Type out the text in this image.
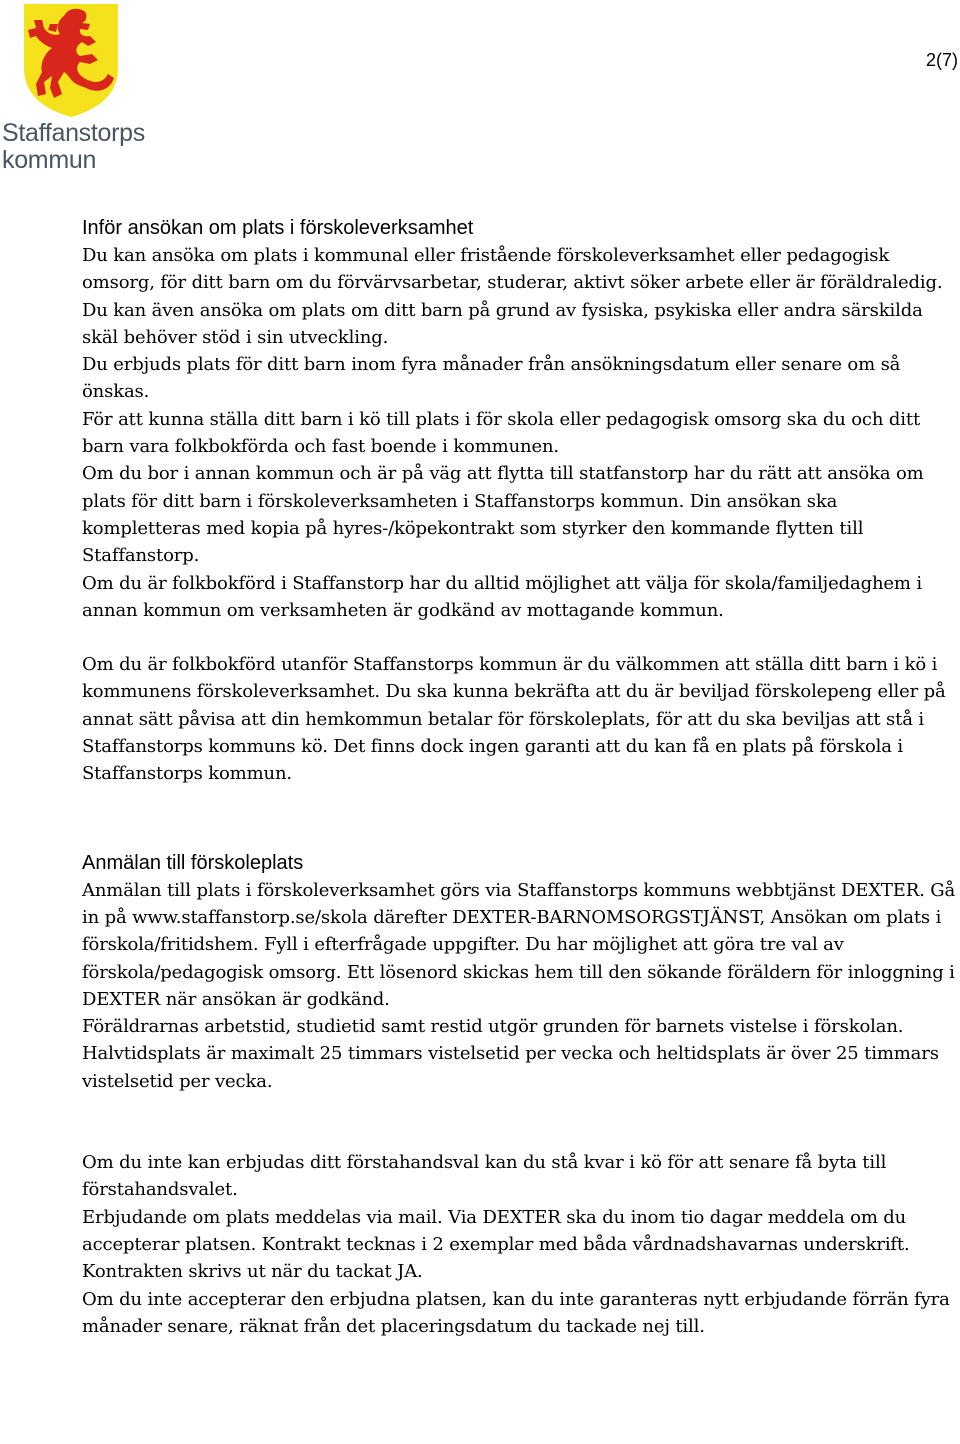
Staffanstorps
kommun
2(7)
Inför ansökan om plats i förskoleverksamhet

Du kan ansöka om plats i kommunal eller fristående förskoleverksamhet eller pedagogisk omsorg, för ditt barn om du förvärvsarbetar, studerar, aktivt söker arbete eller är föräldraledig. Du kan även ansöka om plats om ditt barn på grund av fysiska, psykiska eller andra särskilda skäl behöver stöd i sin utveckling.

Du erbjuds plats för ditt barn inom fyra månader från ansökningsdatum eller senare om så önskas.

För att kunna ställa ditt barn i kö till plats i för skola eller pedagogisk omsorg ska du och ditt barn vara folkbokförda och fast boende i kommunen.

Om du bor i annan kommun och är på väg att flytta till statfanstorp har du rätt att ansöka om plats för ditt barn i förskoleverksamheten i Staffanstorps kommun. Din ansökan ska kompletteras med kopia på hyres-/köpekontrakt som styrker den kommande flytten till Staffanstorp.

Om du är folkbokförd i Staffanstorp har du alltid möjlighet att välja för skola/familjedaghem i annan kommun om verksamheten är godkänd av mottagande kommun.

Om du är folkbokförd utanför Staffanstorps kommun är du välkommen att ställa ditt barn i kö i kommunens förskoleverksamhet. Du ska kunna bekräfta att du är beviljad förskolepeng eller på annat sätt påvisa att din hemkommun betalar för förskoleplats, för att du ska beviljas att stå i Staffanstorps kommuns kö. Det finns dock ingen garanti att du kan få en plats på förskola i Staffanstorps kommun.

Anmälan till förskoleplats

Anmälan till plats i förskoleverksamhet görs via Staffanstorps kommuns webbtjänst DEXTER. Gå in på www.staffanstorp.se/skola därefter DEXTER-BARNOMSORGSTJÄNST, Ansökan om plats i förskola/fritidshem. Fyll i efterfrågade uppgifter. Du har möjlighet att göra tre val av förskola/pedagogisk omsorg. Ett lösenord skickas hem till den sökande föräldern för inloggning i DEXTER när ansökan är godkänd.

Föräldrarnas arbetstid, studietid samt restid utgör grunden för barnets vistelse i förskolan.

Halvtidsplats är maximalt 25 timmars vistelsetid per vecka och heltidsplats är över 25 timmars vistelsetid per vecka.

Om du inte kan erbjudas ditt förstahandsval kan du stå kvar i kö för att senare få byta till förstahandsvalet.

Erbjudande om plats meddelas via mail. Via DEXTER ska du inom tio dagar meddela om du accepterar platsen. Kontrakt tecknas i 2 exemplar med båda vårdnadshavarnas underskrift.

Kontrakten skrivs ut när du tackat JA.

Om du inte accepterar den erbjudna platsen, kan du inte garanteras nytt erbjudande förrän fyra månader senare, räknat från det placeringsdatum du tackade nej till.
